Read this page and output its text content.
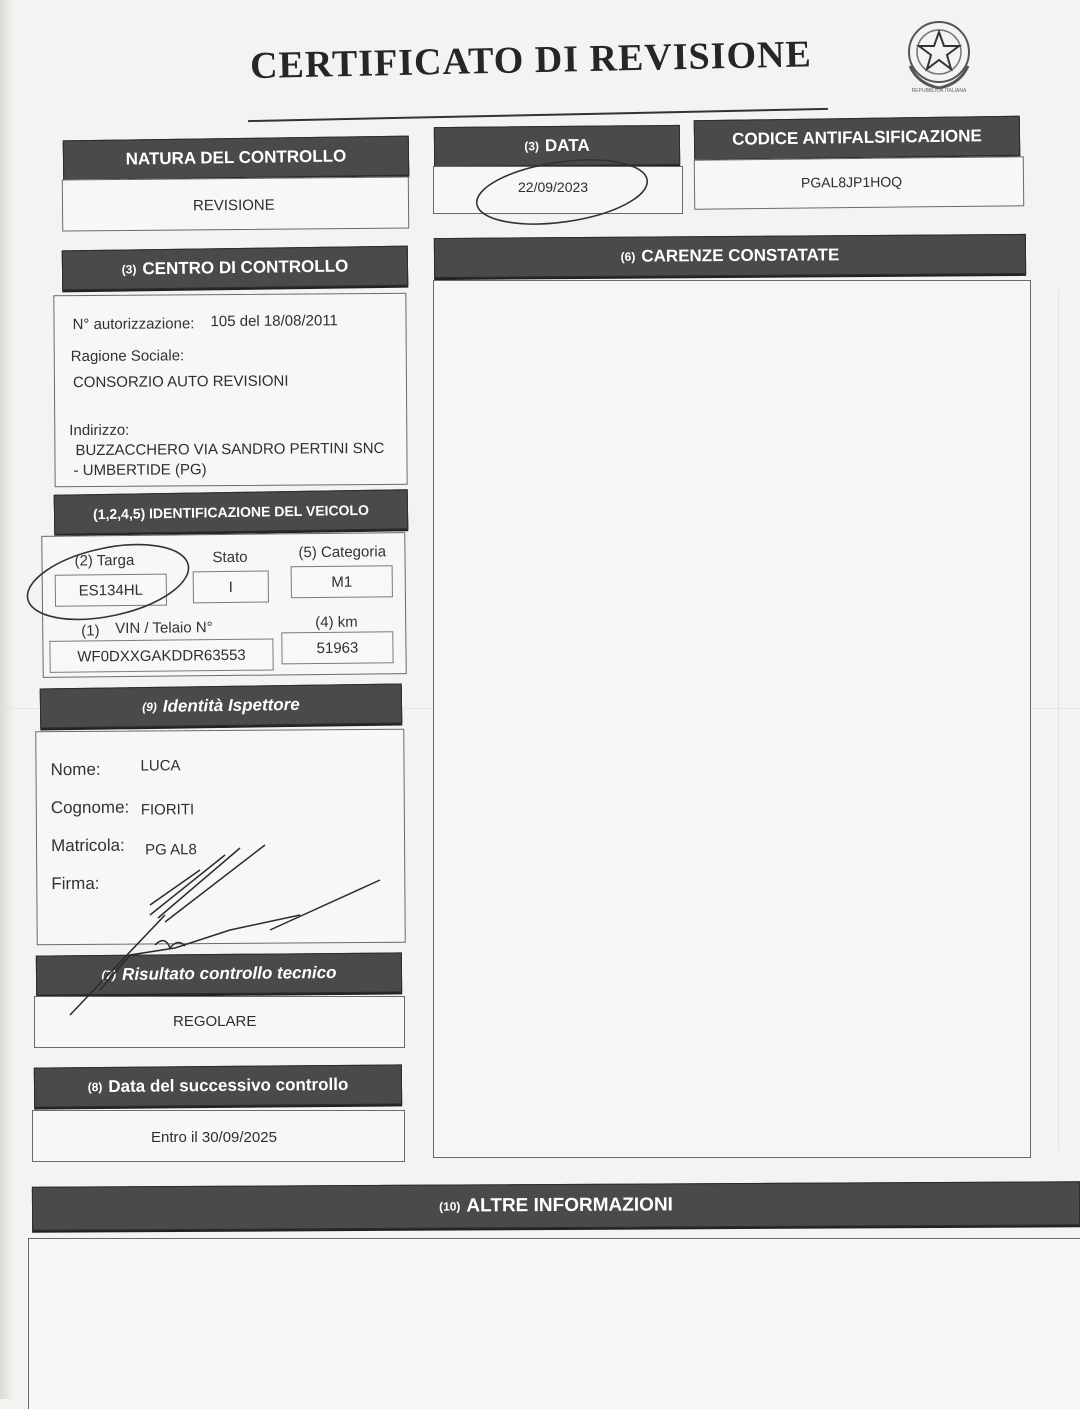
CERTIFICATO DI REVISIONE
REPUBBLICA ITALIANA
NATURA DEL CONTROLLO
REVISIONE
(3) DATA
22/09/2023
CODICE ANTIFALSIFICAZIONE
PGAL8JP1HOQ
(3) CENTRO DI CONTROLLO
N° autorizzazione: 105 del 18/08/2011
Ragione Sociale:
CONSORZIO AUTO REVISIONI
Indirizzo:
BUZZACCHERO VIA SANDRO PERTINI SNC
- UMBERTIDE (PG)
(6) CARENZE CONSTATATE
(1,2,4,5) IDENTIFICAZIONE DEL VEICOLO
(2) Targa
ES134HL
Stato
I
(5) Categoria
M1
(1) VIN / Telaio N°
WF0DXXGAKDDR63553
(4) km
51963
(9) Identità Ispettore
Nome:	LUCA
Cognome: FIORITI
Matricola: PG AL8
Firma:
(7) Risultato controllo tecnico
REGOLARE
(8) Data del successivo controllo
Entro il 30/09/2025
(10) ALTRE INFORMAZIONI
